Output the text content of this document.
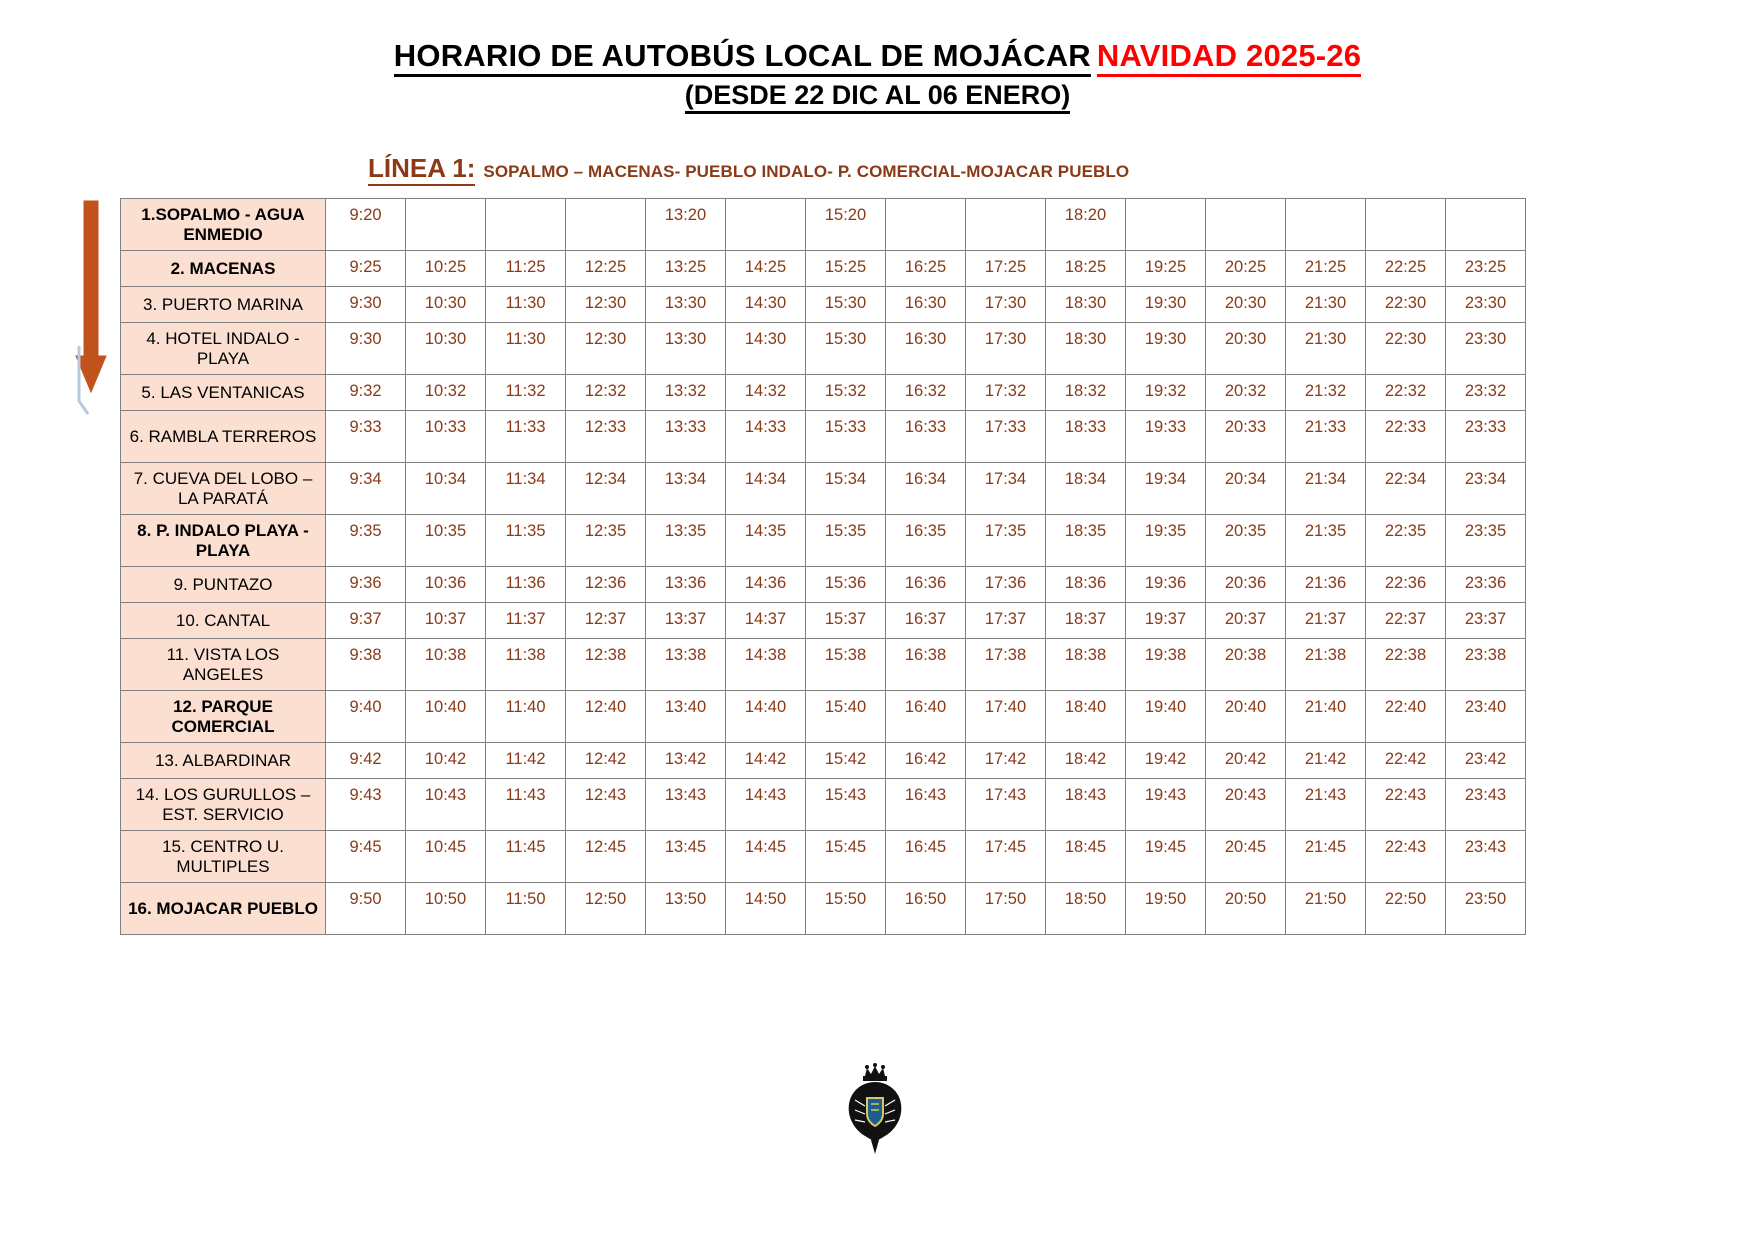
HORARIO DE AUTOBÚS LOCAL DE MOJÁCAR NAVIDAD 2025-26
(DESDE 22 DIC AL 06 ENERO)
LÍNEA 1: SOPALMO – MACENAS- PUEBLO INDALO- P. COMERCIAL-MOJACAR PUEBLO
1.SOPALMO - AGUA ENMEDIO	9:20				13:20		15:20			18:20					
2. MACENAS	9:25	10:25	11:25	12:25	13:25	14:25	15:25	16:25	17:25	18:25	19:25	20:25	21:25	22:25	23:25
3. PUERTO MARINA	9:30	10:30	11:30	12:30	13:30	14:30	15:30	16:30	17:30	18:30	19:30	20:30	21:30	22:30	23:30
4. HOTEL INDALO - PLAYA	9:30	10:30	11:30	12:30	13:30	14:30	15:30	16:30	17:30	18:30	19:30	20:30	21:30	22:30	23:30
5. LAS VENTANICAS	9:32	10:32	11:32	12:32	13:32	14:32	15:32	16:32	17:32	18:32	19:32	20:32	21:32	22:32	23:32
6. RAMBLA TERREROS	9:33	10:33	11:33	12:33	13:33	14:33	15:33	16:33	17:33	18:33	19:33	20:33	21:33	22:33	23:33
7. CUEVA DEL LOBO – LA PARATÁ	9:34	10:34	11:34	12:34	13:34	14:34	15:34	16:34	17:34	18:34	19:34	20:34	21:34	22:34	23:34
8. P. INDALO PLAYA - PLAYA	9:35	10:35	11:35	12:35	13:35	14:35	15:35	16:35	17:35	18:35	19:35	20:35	21:35	22:35	23:35
9. PUNTAZO	9:36	10:36	11:36	12:36	13:36	14:36	15:36	16:36	17:36	18:36	19:36	20:36	21:36	22:36	23:36
10. CANTAL	9:37	10:37	11:37	12:37	13:37	14:37	15:37	16:37	17:37	18:37	19:37	20:37	21:37	22:37	23:37
11. VISTA LOS ANGELES	9:38	10:38	11:38	12:38	13:38	14:38	15:38	16:38	17:38	18:38	19:38	20:38	21:38	22:38	23:38
12. PARQUE COMERCIAL	9:40	10:40	11:40	12:40	13:40	14:40	15:40	16:40	17:40	18:40	19:40	20:40	21:40	22:40	23:40
13. ALBARDINAR	9:42	10:42	11:42	12:42	13:42	14:42	15:42	16:42	17:42	18:42	19:42	20:42	21:42	22:42	23:42
14. LOS GURULLOS – EST. SERVICIO	9:43	10:43	11:43	12:43	13:43	14:43	15:43	16:43	17:43	18:43	19:43	20:43	21:43	22:43	23:43
15. CENTRO U. MULTIPLES	9:45	10:45	11:45	12:45	13:45	14:45	15:45	16:45	17:45	18:45	19:45	20:45	21:45	22:43	23:43
16. MOJACAR PUEBLO	9:50	10:50	11:50	12:50	13:50	14:50	15:50	16:50	17:50	18:50	19:50	20:50	21:50	22:50	23:50
